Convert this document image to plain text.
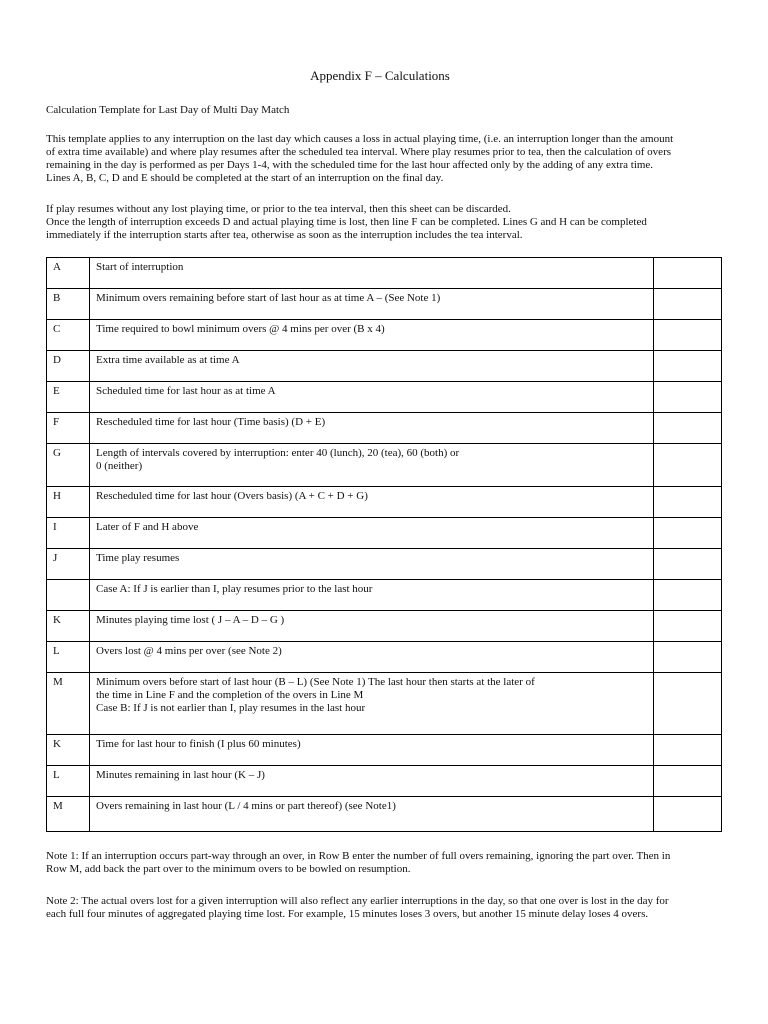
Appendix F – Calculations
Calculation Template for Last Day of Multi Day Match
This template applies to any interruption on the last day which causes a loss in actual playing time, (i.e. an interruption longer than the amount
of extra time available) and where play resumes after the scheduled tea interval. Where play resumes prior to tea, then the calculation of overs
remaining in the day is performed as per Days 1-4, with the scheduled time for the last hour affected only by the adding of any extra time.
Lines A, B, C, D and E should be completed at the start of an interruption on the final day.
If play resumes without any lost playing time, or prior to the tea interval, then this sheet can be discarded.
Once the length of interruption exceeds D and actual playing time is lost, then line F can be completed. Lines G and H can be completed
immediately if the interruption starts after tea, otherwise as soon as the interruption includes the tea interval.
A	Start of interruption	

B	Minimum overs remaining before start of last hour as at time A – (See Note 1)	

C	Time required to bowl minimum overs @ 4 mins per over (B x 4)	

D	Extra time available as at time A	

E	Scheduled time for last hour as at time A	

F	Rescheduled time for last hour (Time basis) (D + E)	

G	Length of intervals covered by interruption: enter 40 (lunch), 20 (tea), 60 (both) or
0 (neither)	

H	Rescheduled time for last hour (Overs basis) (A + C + D + G)	

I	Later of F and H above	

J	Time play resumes	

	Case A: If J is earlier than I, play resumes prior to the last hour	

K	Minutes playing time lost ( J – A – D – G )	

L	Overs lost @ 4 mins per over (see Note 2)	

M	Minimum overs before start of last hour (B – L) (See Note 1) The last hour then starts at the later of
the time in Line F and the completion of the overs in Line M
Case B: If J is not earlier than I, play resumes in the last hour	

K	Time for last hour to finish (I plus 60 minutes)	

L	Minutes remaining in last hour (K – J)	

M	Overs remaining in last hour (L / 4 mins or part thereof) (see Note1)	

Note 1: If an interruption occurs part-way through an over, in Row B enter the number of full overs remaining, ignoring the part over. Then in
Row M, add back the part over to the minimum overs to be bowled on resumption.
Note 2: The actual overs lost for a given interruption will also reflect any earlier interruptions in the day, so that one over is lost in the day for
each full four minutes of aggregated playing time lost. For example, 15 minutes loses 3 overs, but another 15 minute delay loses 4 overs.
